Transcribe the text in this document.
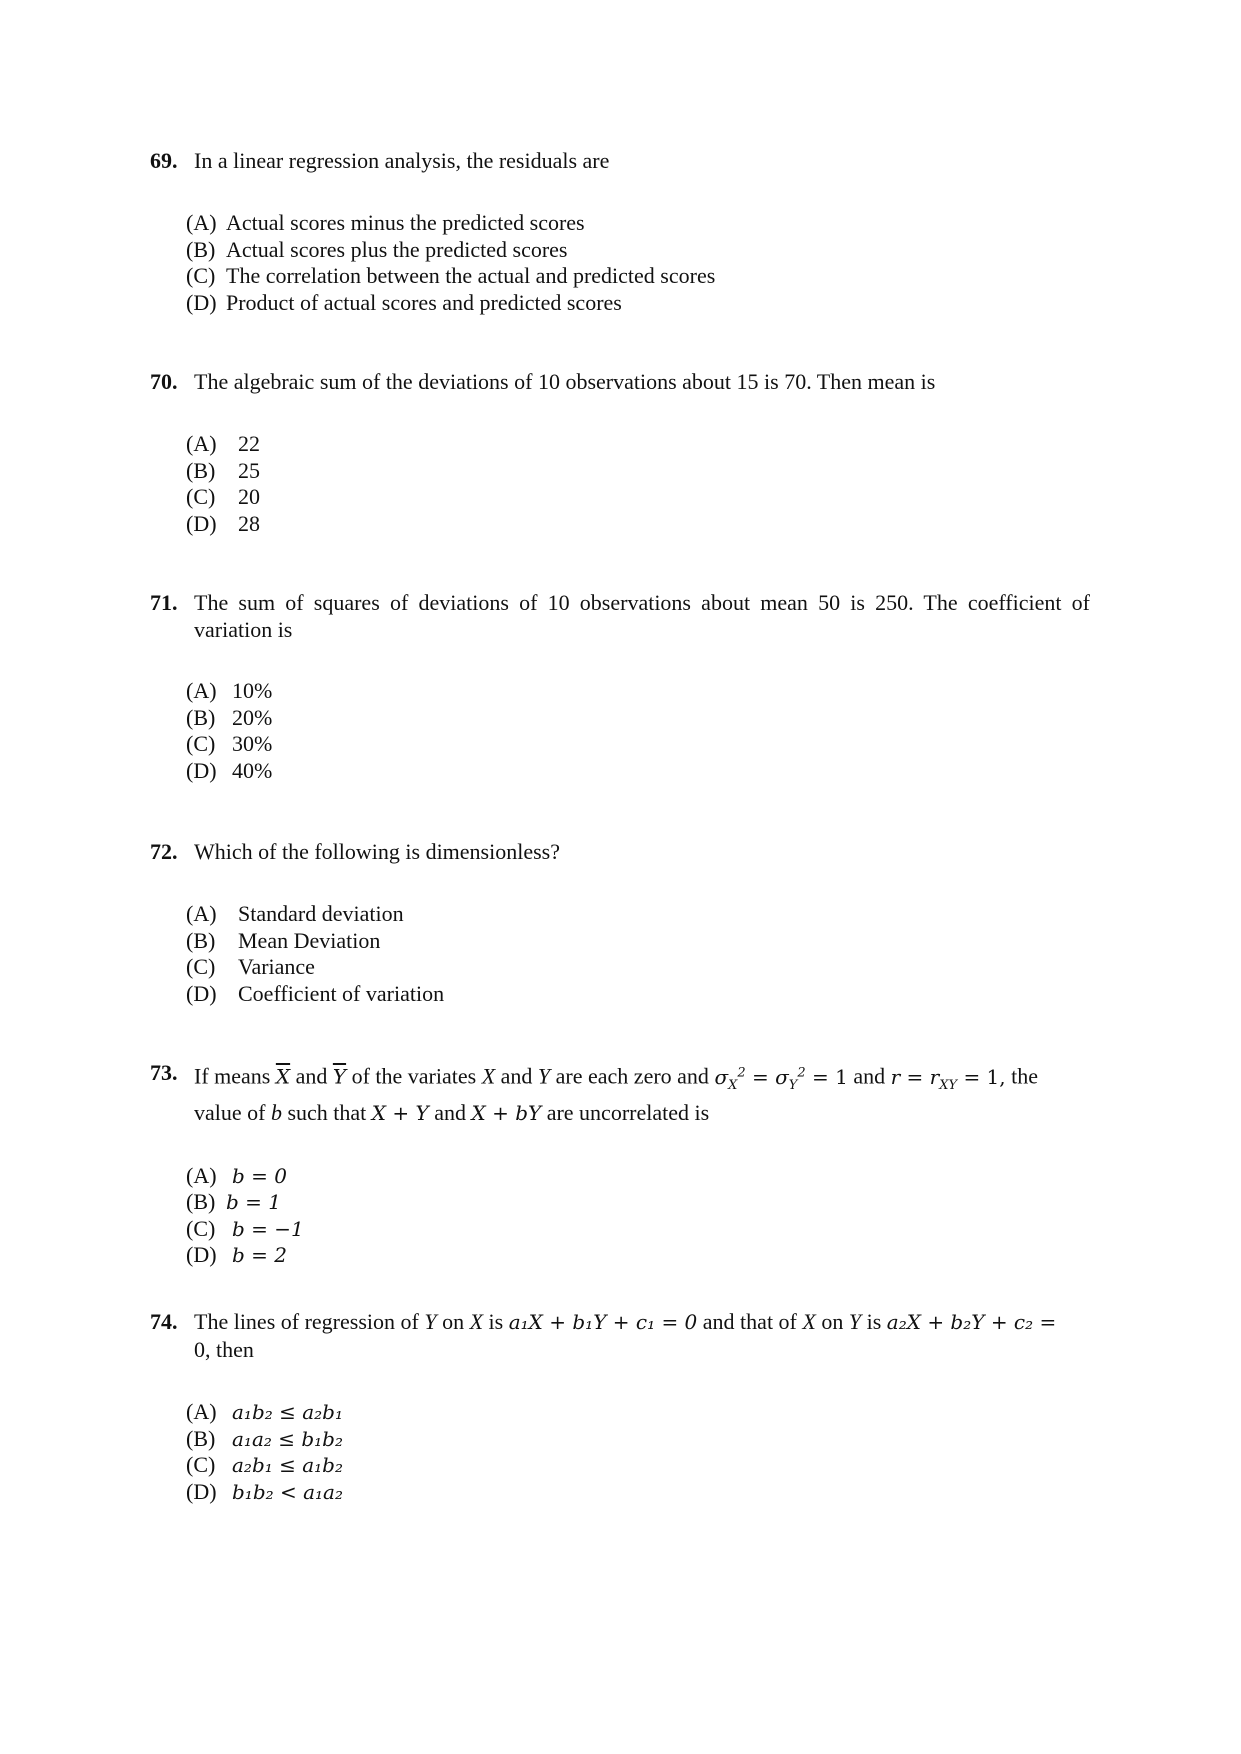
69. In a linear regression analysis, the residuals are
(A) Actual scores minus the predicted scores
(B) Actual scores plus the predicted scores
(C) The correlation between the actual and predicted scores
(D) Product of actual scores and predicted scores
70. The algebraic sum of the deviations of 10 observations about 15 is 70. Then mean is
(A) 22
(B)	25
(C)	20
(D) 28
71. The sum of squares of deviations of 10 observations about mean 50 is 250. The coefficient of variation is
(A) 10%
(B) 20%
(C) 30%
(D) 40%
72. Which of the following is dimensionless?
(A) Standard deviation
(B)	Mean Deviation
(C)	Variance
(D) Coefficient of variation
73. If means $\overline{X}$ and $\overline{Y}$ of the variates X and Y are each zero and $\sigma_X^2 = \sigma_Y^2 = 1$ and $r = r_{XY} = 1$, the
value of b such that X + Y and X + bY are uncorrelated is
(A) b = 0
(B) b = 1
(C) b = −1
(D) b = 2
74. The lines of regression of Y on X is a₁X + b₁Y + c₁ = 0 and that of X on Y is a₂X + b₂Y + c₂ =
0, then
(A) a₁b₂ ≤ a₂b₁
(B) a₁a₂ ≤ b₁b₂
(C) a₂b₁ ≤ a₁b₂
(D) b₁b₂ < a₁a₂
